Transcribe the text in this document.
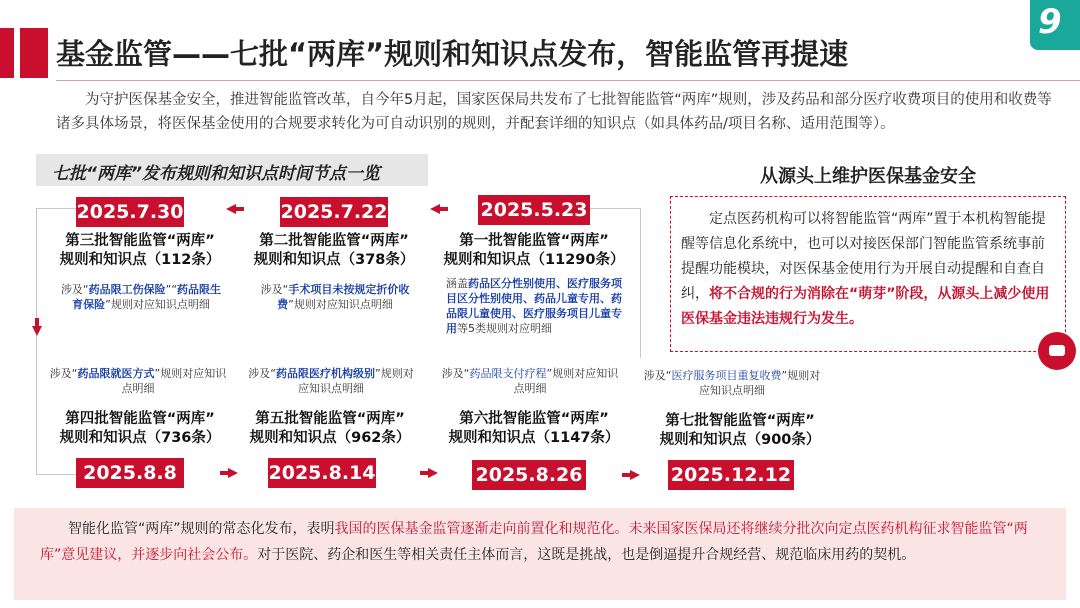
基金监管——七批“两库”规则和知识点发布，智能监管再提速
9
为守护医保基金安全，推进智能监管改革，自今年5月起，国家医保局共发布了七批智能监管“两库”规则，涉及药品和部分医疗收费项目的使用和收费等诸多具体场景，将医保基金使用的合规要求转化为可自动识别的规则，并配套详细的知识点（如具体药品/项目名称、适用范围等）。
七批“两库”发布规则和知识点时间节点一览
2025.7.30	2025.7.22	2025.5.23
第三批智能监管“两库”
规则和知识点（112条）
涉及“药品限工伤保险”“药品限生育保险”规则对应知识点明细
第二批智能监管“两库”
规则和知识点（378条）
涉及“手术项目未按规定折价收费”规则对应知识点明细
第一批智能监管“两库”
规则和知识点（11290条）
涵盖药品区分性别使用、医疗服务项目区分性别使用、药品儿童专用、药品限儿童使用、医疗服务项目儿童专用等5类规则对应明细
涉及“药品限就医方式”规则对应知识点明细
涉及“药品限医疗机构级别”规则对应知识点明细
涉及“药品限支付疗程”规则对应知识点明细
涉及“医疗服务项目重复收费”规则对应知识点明细
第四批智能监管“两库”
规则和知识点（736条）
第五批智能监管“两库”
规则和知识点（962条）
第六批智能监管“两库”
规则和知识点（1147条）
第七批智能监管“两库”
规则和知识点（900条）
2025.8.8	2025.8.14	2025.8.26	2025.12.12
从源头上维护医保基金安全
定点医药机构可以将智能监管“两库”置于本机构智能提醒等信息化系统中，也可以对接医保部门智能监管系统事前提醒功能模块，对医保基金使用行为开展自动提醒和自查自纠，将不合规的行为消除在“萌芽”阶段，从源头上减少使用医保基金违法违规行为发生。
智能化监管“两库”规则的常态化发布，表明我国的医保基金监管逐渐走向前置化和规范化。未来国家医保局还将继续分批次向定点医药机构征求智能监管“两库”意见建议，并逐步向社会公布。对于医院、药企和医生等相关责任主体而言，这既是挑战，也是倒逼提升合规经营、规范临床用药的契机。
